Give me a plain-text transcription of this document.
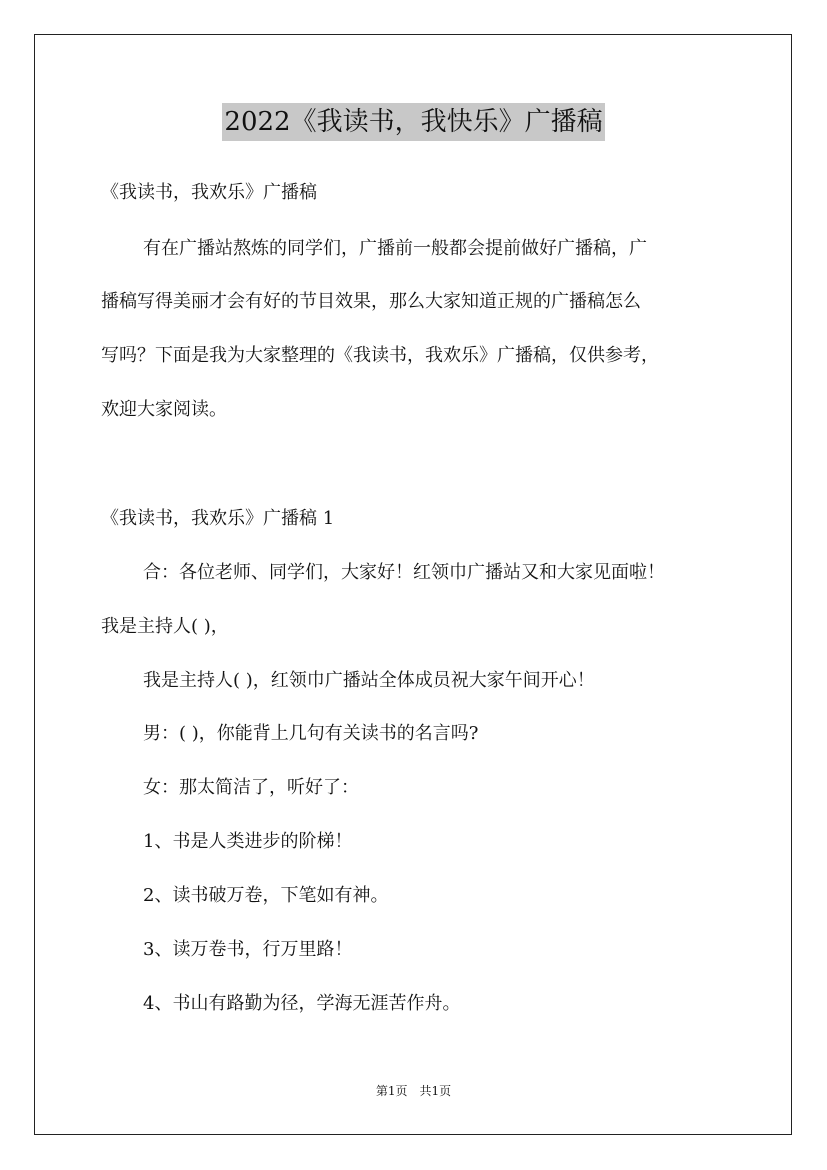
2022《我读书，我快乐》广播稿
《我读书，我欢乐》广播稿
有在广播站熬炼的同学们，广播前一般都会提前做好广播稿，广
播稿写得美丽才会有好的节目效果，那么大家知道正规的广播稿怎么
写吗？下面是我为大家整理的《我读书，我欢乐》广播稿，仅供参考，
欢迎大家阅读。
《我读书，我欢乐》广播稿 1
合：各位老师、同学们，大家好！红领巾广播站又和大家见面啦！
我是主持人( )，
我是主持人( )，红领巾广播站全体成员祝大家午间开心！
男：( )，你能背上几句有关读书的名言吗?
女：那太简洁了，听好了：
1、书是人类进步的阶梯！
2、读书破万卷，下笔如有神。
3、读万卷书，行万里路！
4、书山有路勤为径，学海无涯苦作舟。
第1页 共1页
